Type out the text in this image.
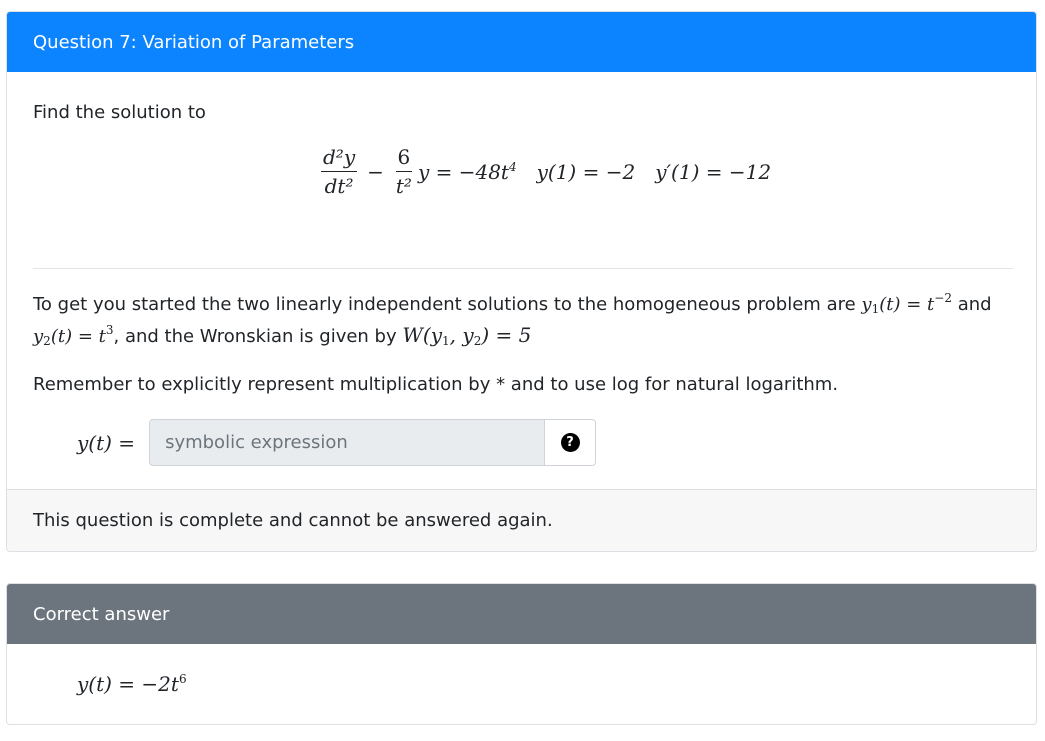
Question 7: Variation of Parameters
Find the solution to
$\frac{\text{d²y}}{\text{dt²}} - \frac{6}{\text{t²}}$ $y = -48t^4$ y(1) = −2 y′(1) = −12
To get you started the two linearly independent solutions to the homogeneous problem are $y_1(t) = t^{-2}$ and
$y_2(t) = t^3$, and the Wronskian is given by $W(y_1$, $y_2) = 5$
Remember to explicitly represent multiplication by * and to use log for natural logarithm.
y(t) =
symbolic expression	?
This question is complete and cannot be answered again.
Correct answer
$y(t) = -2t^6$
